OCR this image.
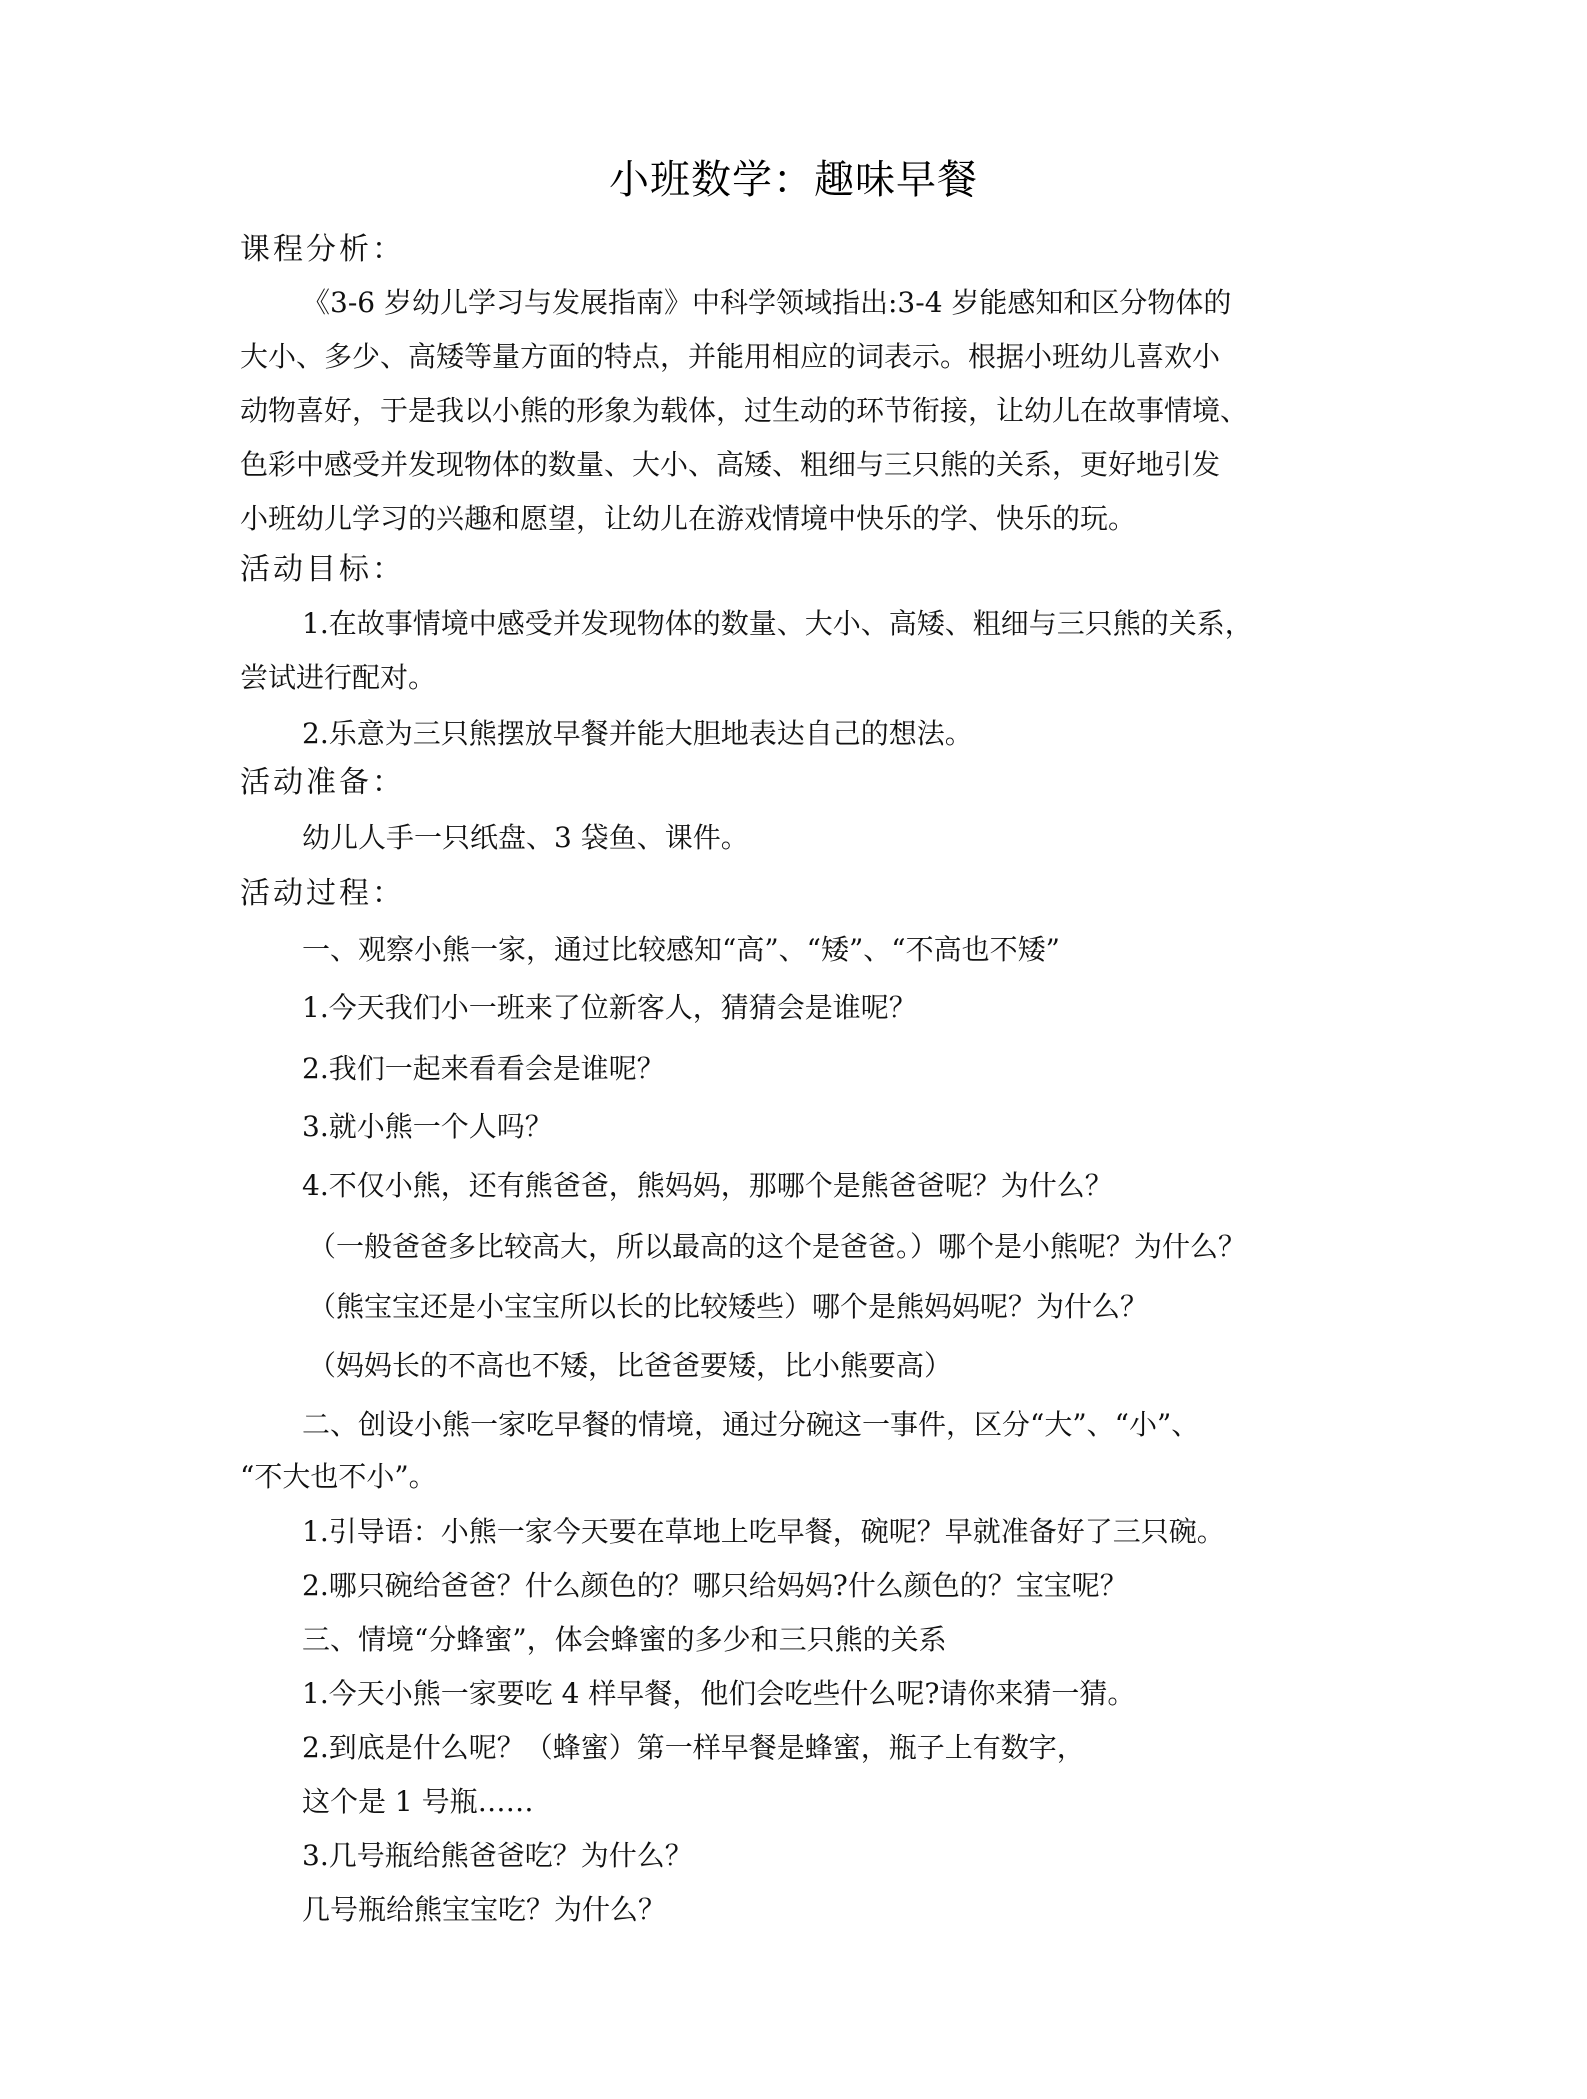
小班数学：趣味早餐
课程分析：
《3-6 岁幼儿学习与发展指南》中科学领域指出:3-4 岁能感知和区分物体的
大小、多少、高矮等量方面的特点，并能用相应的词表示。根据小班幼儿喜欢小
动物喜好，于是我以小熊的形象为载体，过生动的环节衔接，让幼儿在故事情境、
色彩中感受并发现物体的数量、大小、高矮、粗细与三只熊的关系，更好地引发
小班幼儿学习的兴趣和愿望，让幼儿在游戏情境中快乐的学、快乐的玩。
活动目标：
1.在故事情境中感受并发现物体的数量、大小、高矮、粗细与三只熊的关系，
尝试进行配对。
2.乐意为三只熊摆放早餐并能大胆地表达自己的想法。
活动准备：
幼儿人手一只纸盘、3 袋鱼、课件。
活动过程：
一、观察小熊一家，通过比较感知“高”、“矮”、“不高也不矮”
1.今天我们小一班来了位新客人，猜猜会是谁呢？
2.我们一起来看看会是谁呢？
3.就小熊一个人吗？
4.不仅小熊，还有熊爸爸，熊妈妈，那哪个是熊爸爸呢？为什么？
（一般爸爸多比较高大，所以最高的这个是爸爸。）哪个是小熊呢？为什么？
（熊宝宝还是小宝宝所以长的比较矮些）哪个是熊妈妈呢？为什么？
（妈妈长的不高也不矮，比爸爸要矮，比小熊要高）
二、创设小熊一家吃早餐的情境，通过分碗这一事件，区分“大”、“小”、
“不大也不小”。
1.引导语：小熊一家今天要在草地上吃早餐，碗呢？早就准备好了三只碗。
2.哪只碗给爸爸？什么颜色的？哪只给妈妈?什么颜色的？宝宝呢？
三、情境“分蜂蜜”，体会蜂蜜的多少和三只熊的关系
1.今天小熊一家要吃 4 样早餐，他们会吃些什么呢?请你来猜一猜。
2.到底是什么呢？（蜂蜜）第一样早餐是蜂蜜，瓶子上有数字，
这个是 1 号瓶……
3.几号瓶给熊爸爸吃？为什么？
几号瓶给熊宝宝吃？为什么？
